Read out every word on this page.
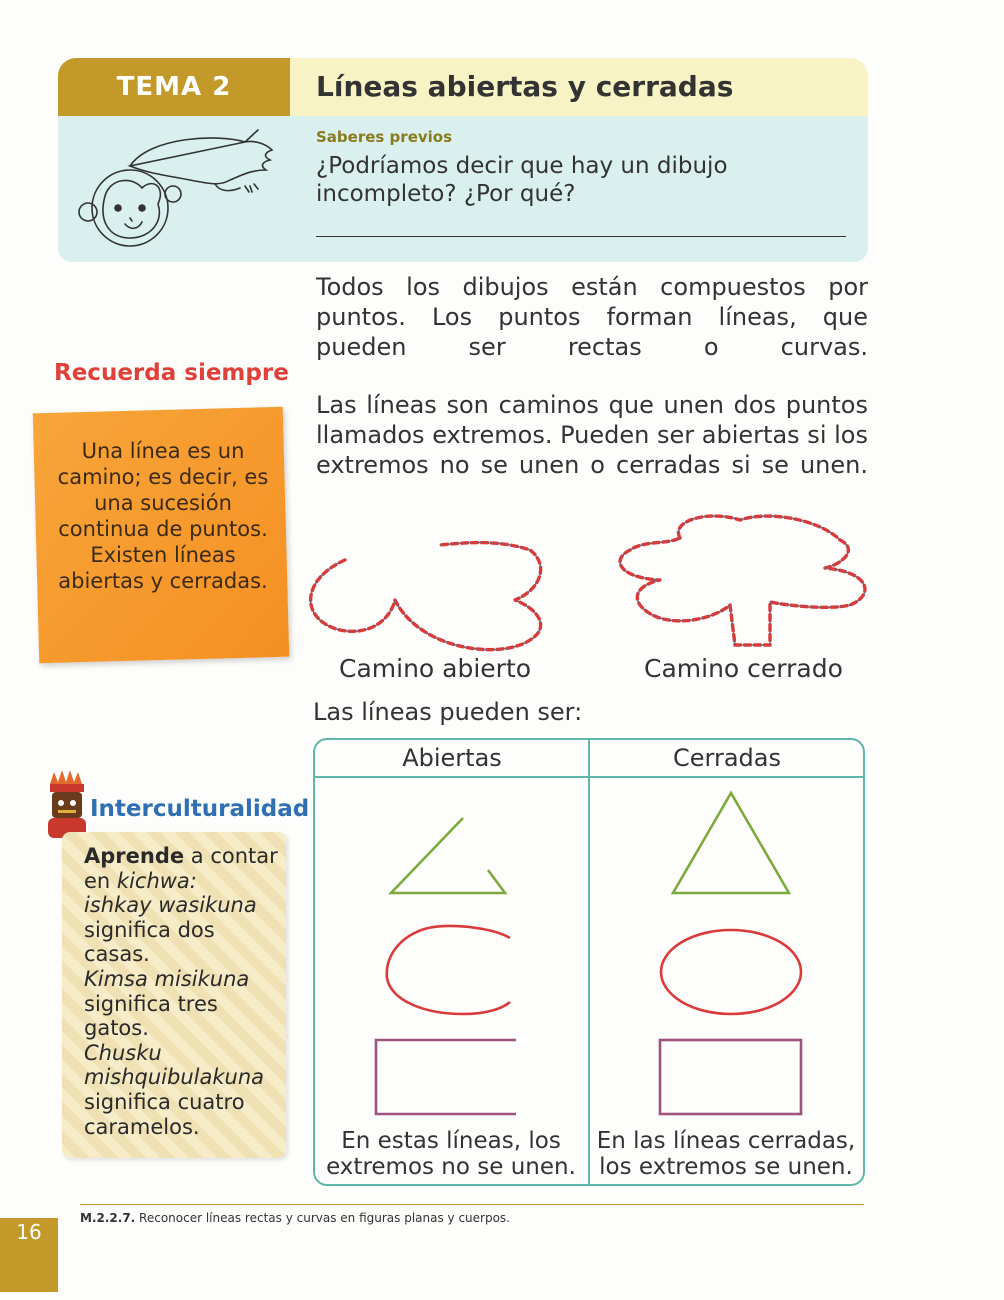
TEMA 2	Líneas abiertas y cerradas
Saberes previos
¿Podríamos decir que hay un dibujo incompleto? ¿Por qué?
Todos los dibujos están compuestos por puntos. Los puntos forman líneas, que pueden ser rectas o curvas.
Las líneas son caminos que unen dos puntos llamados extremos. Pueden ser abiertas si los extremos no se unen o cerradas si se unen.
Recuerda siempre
Una línea es un camino; es decir, es una sucesión continua de puntos. Existen líneas abiertas y cerradas.
Camino abierto	Camino cerrado
Las líneas pueden ser:
Abiertas	Cerradas
En estas líneas, los extremos no se unen.
En las líneas cerradas, los extremos se unen.
Interculturalidad
Aprende a contar en kichwa:
ishkay wasikuna significa dos casas.
Kimsa misikuna significa tres gatos.
Chusku mishquibulakuna significa cuatro caramelos.
M.2.2.7. Reconocer líneas rectas y curvas en figuras planas y cuerpos.
16
